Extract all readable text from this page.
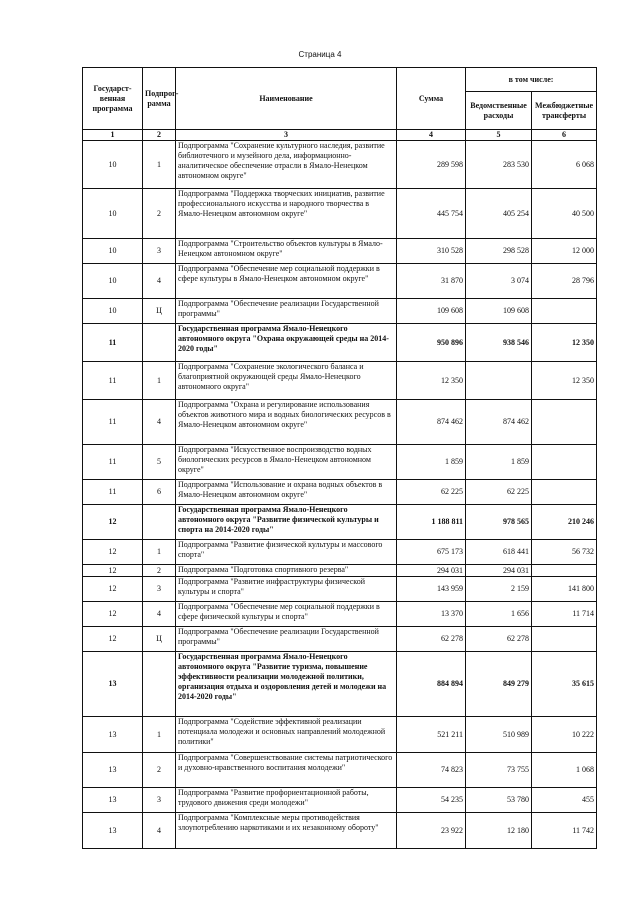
Страница 4
Государст-венная программа	Подпрог-рамма	Наименование	Сумма	в том числе:	
				Ведомственные расходы	Межбюджетные трансферты
1	2	3	4	5	6
10	1	Подпрограмма "Сохранение культурного наследия, развитие библиотечного и музейного дела, информационно-аналитическое обеспечение отрасли в Ямало-Ненецком автономном округе"	289 598	283 530	6 068
10	2	Подпрограмма "Поддержка творческих инициатив, развитие профессионального искусства и народного творчества в Ямало-Ненецком автономном округе"	445 754	405 254	40 500
10	3	Подпрограмма "Строительство объектов культуры в Ямало-Ненецком автономном округе"	310 528	298 528	12 000
10	4	Подпрограмма "Обеспечение мер социальной поддержки в сфере культуры в Ямало-Ненецком автономном округе"	31 870	3 074	28 796
10	Ц	Подпрограмма "Обеспечение реализации Государственной программы"	109 608	109 608	
11		Государственная программа Ямало-Ненецкого автономного округа "Охрана окружающей среды на 2014-2020 годы"	950 896	938 546	12 350
11	1	Подпрограмма "Сохранение экологического баланса и благоприятной окружающей среды Ямало-Ненецкого автономного округа"	12 350		12 350
11	4	Подпрограмма "Охрана и регулирование использования объектов животного мира и водных биологических ресурсов в Ямало-Ненецком автономном округе"	874 462	874 462	
11	5	Подпрограмма "Искусственное воспроизводство водных биологических ресурсов в Ямало-Ненецком автономном округе"	1 859	1 859	
11	6	Подпрограмма "Использование и охрана водных объектов в Ямало-Ненецком автономном округе"	62 225	62 225	
12		Государственная программа Ямало-Ненецкого автономного округа "Развитие физической культуры и спорта на 2014-2020 годы"	1 188 811	978 565	210 246
12	1	Подпрограмма "Развитие физической культуры и массового спорта"	675 173	618 441	56 732
12	2	Подпрограмма "Подготовка спортивного резерва"	294 031	294 031	
12	3	Подпрограмма "Развитие инфраструктуры физической культуры и спорта"	143 959	2 159	141 800
12	4	Подпрограмма "Обеспечение мер социальной поддержки в сфере физической культуры и спорта"	13 370	1 656	11 714
12	Ц	Подпрограмма "Обеспечение реализации Государственной программы"	62 278	62 278	
13		Государственная программа Ямало-Ненецкого автономного округа "Развитие туризма, повышение эффективности реализации молодежной политики, организация отдыха и оздоровления детей и молодежи на 2014-2020 годы"	884 894	849 279	35 615
13	1	Подпрограмма "Содействие эффективной реализации потенциала молодежи и основных направлений молодежной политики"	521 211	510 989	10 222
13	2	Подпрограмма "Совершенствование системы патриотического и духовно-нравственного воспитания молодежи"	74 823	73 755	1 068
13	3	Подпрограмма "Развитие профориентационной работы, трудового движения среди молодежи"	54 235	53 780	455
13	4	Подпрограмма "Комплексные меры противодействия злоупотреблению наркотиками и их незаконному обороту"	23 922	12 180	11 742
